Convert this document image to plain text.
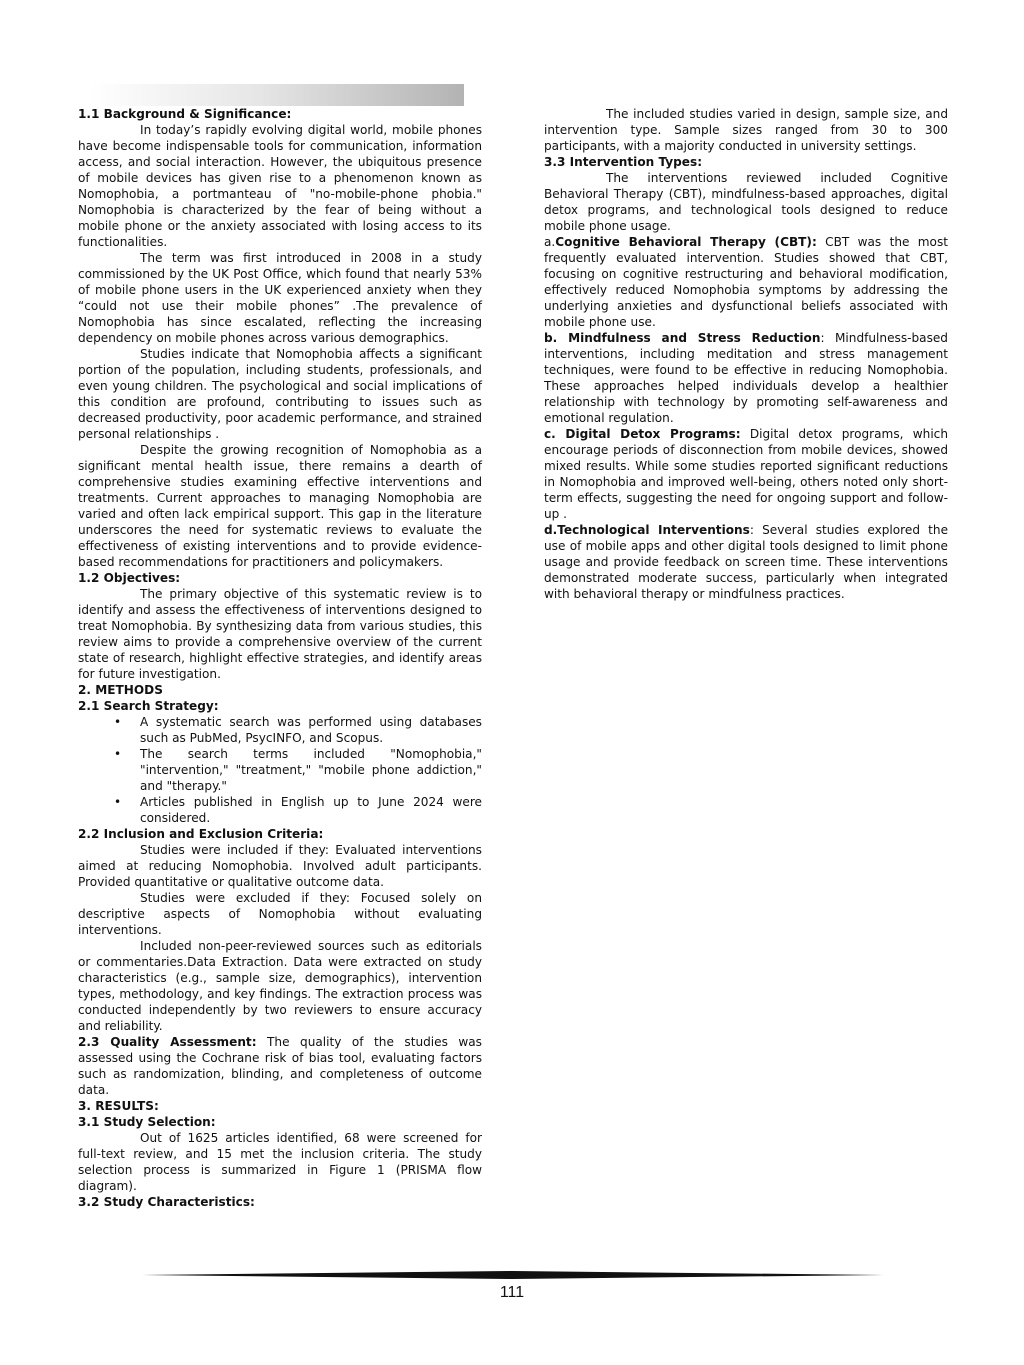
1.1 Background & Significance:

In today’s rapidly evolving digital world, mobile phones have become indispensable tools for communication, information access, and social interaction. However, the ubiquitous presence of mobile devices has given rise to a phenomenon known as Nomophobia, a portmanteau of "no-mobile-phone phobia." Nomophobia is characterized by the fear of being without a mobile phone or the anxiety associated with losing access to its functionalities.

The term was first introduced in 2008 in a study commissioned by the UK Post Office, which found that nearly 53% of mobile phone users in the UK experienced anxiety when they “could not use their mobile phones” .The prevalence of Nomophobia has since escalated, reflecting the increasing dependency on mobile phones across various demographics.

Studies indicate that Nomophobia affects a significant portion of the population, including students, professionals, and even young children. The psychological and social implications of this condition are profound, contributing to issues such as decreased productivity, poor academic performance, and strained personal relationships .

Despite the growing recognition of Nomophobia as a significant mental health issue, there remains a dearth of comprehensive studies examining effective interventions and treatments. Current approaches to managing Nomophobia are varied and often lack empirical support. This gap in the literature underscores the need for systematic reviews to evaluate the effectiveness of existing interventions and to provide evidence-based recommendations for practitioners and policymakers.

1.2 Objectives:

The primary objective of this systematic review is to identify and assess the effectiveness of interventions designed to treat Nomophobia. By synthesizing data from various studies, this review aims to provide a comprehensive overview of the current state of research, highlight effective strategies, and identify areas for future investigation.

2. METHODS

2.1 Search Strategy:

• A systematic search was performed using databases such as PubMed, PsycINFO, and Scopus.
• The search terms included "Nomophobia," "intervention," "treatment," "mobile phone addiction," and "therapy."
• Articles published in English up to June 2024 were considered.

2.2 Inclusion and Exclusion Criteria:

Studies were included if they: Evaluated interventions aimed at reducing Nomophobia. Involved adult participants. Provided quantitative or qualitative outcome data.

Studies were excluded if they: Focused solely on descriptive aspects of Nomophobia without evaluating interventions.

Included non-peer-reviewed sources such as editorials or commentaries.Data Extraction. Data were extracted on study characteristics (e.g., sample size, demographics), intervention types, methodology, and key findings. The extraction process was conducted independently by two reviewers to ensure accuracy and reliability.

2.3 Quality Assessment: The quality of the studies was assessed using the Cochrane risk of bias tool, evaluating factors such as randomization, blinding, and completeness of outcome data.

3. RESULTS:

3.1 Study Selection:

Out of 1625 articles identified, 68 were screened for full-text review, and 15 met the inclusion criteria. The study selection process is summarized in Figure 1 (PRISMA flow diagram).

3.2 Study Characteristics:

The included studies varied in design, sample size, and intervention type. Sample sizes ranged from 30 to 300 participants, with a majority conducted in university settings.

3.3 Intervention Types:

The interventions reviewed included Cognitive Behavioral Therapy (CBT), mindfulness-based approaches, digital detox programs, and technological tools designed to reduce mobile phone usage.

a.Cognitive Behavioral Therapy (CBT): CBT was the most frequently evaluated intervention. Studies showed that CBT, focusing on cognitive restructuring and behavioral modification, effectively reduced Nomophobia symptoms by addressing the underlying anxieties and dysfunctional beliefs associated with mobile phone use.

b. Mindfulness and Stress Reduction: Mindfulness-based interventions, including meditation and stress management techniques, were found to be effective in reducing Nomophobia. These approaches helped individuals develop a healthier relationship with technology by promoting self-awareness and emotional regulation.

c. Digital Detox Programs: Digital detox programs, which encourage periods of disconnection from mobile devices, showed mixed results. While some studies reported significant reductions in Nomophobia and improved well-being, others noted only short-term effects, suggesting the need for ongoing support and follow-up .

d.Technological Interventions: Several studies explored the use of mobile apps and other digital tools designed to limit phone usage and provide feedback on screen time. These interventions demonstrated moderate success, particularly when integrated with behavioral therapy or mindfulness practices.

111
